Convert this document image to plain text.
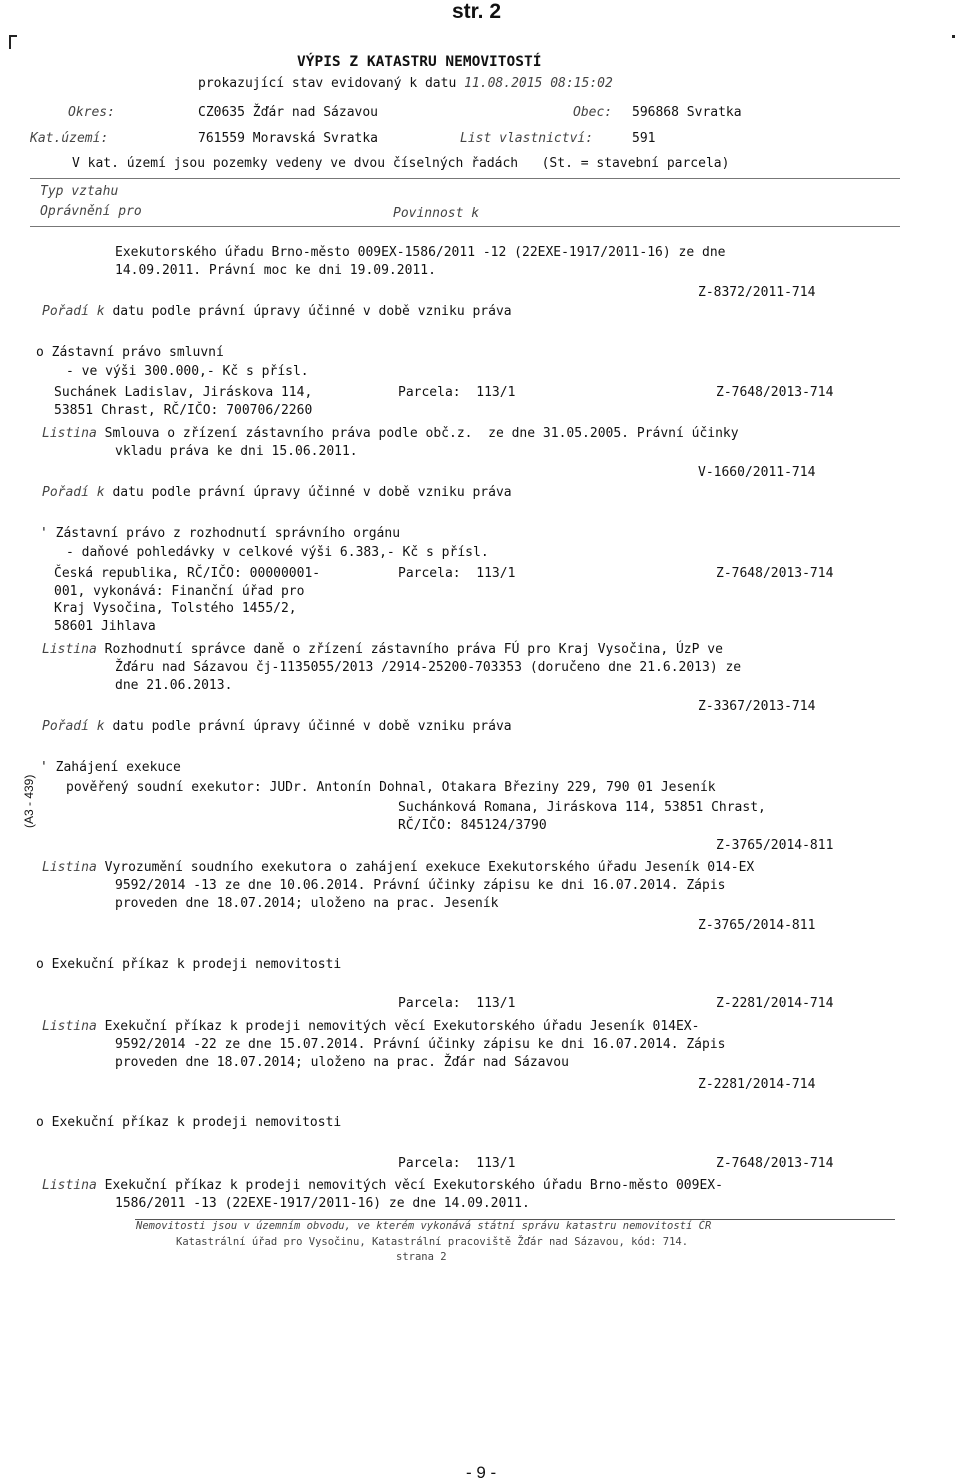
str. 2
(A3 - 439)
VÝPIS Z KATASTRU NEMOVITOSTÍ
prokazující stav evidovaný k datu 11.08.2015 08:15:02
Okres:	CZ0635 Žďár nad Sázavou	Obec: 596868 Svratka
Kat.území:	761559 Moravská Svratka	List vlastnictví:	591
V kat. území jsou pozemky vedeny ve dvou číselných řadách   (St. = stavební parcela)
Typ vztahu
Oprávnění pro	Povinnost k
Exekutorského úřadu Brno-město 009EX-1586/2011 -12 (22EXE-1917/2011-16) ze dne
14.09.2011. Právní moc ke dni 19.09.2011.
Z-8372/2011-714
Pořadí k datu podle právní úpravy účinné v době vzniku práva
o Zástavní právo smluvní
- ve výši 300.000,- Kč s přísl.
Suchánek Ladislav, Jiráskova 114,	Parcela:  113/1	Z-7648/2013-714
53851 Chrast, RČ/IČO: 700706/2260
Listina Smlouva o zřízení zástavního práva podle obč.z.  ze dne 31.05.2005. Právní účinky
vkladu práva ke dni 15.06.2011.
V-1660/2011-714
Pořadí k datu podle právní úpravy účinné v době vzniku práva
' Zástavní právo z rozhodnutí správního orgánu
- daňové pohledávky v celkové výši 6.383,- Kč s přísl.
Česká republika, RČ/IČO: 00000001-	Parcela:  113/1	Z-7648/2013-714
001, vykonává: Finanční úřad pro
Kraj Vysočina, Tolstého 1455/2,
58601 Jihlava
Listina Rozhodnutí správce daně o zřízení zástavního práva FÚ pro Kraj Vysočina, ÚzP ve
Žďáru nad Sázavou čj-1135055/2013 /2914-25200-703353 (doručeno dne 21.6.2013) ze
dne 21.06.2013.
Z-3367/2013-714
Pořadí k datu podle právní úpravy účinné v době vzniku práva
' Zahájení exekuce
pověřený soudní exekutor: JUDr. Antonín Dohnal, Otakara Březiny 229, 790 01 Jeseník
Suchánková Romana, Jiráskova 114, 53851 Chrast,
RČ/IČO: 845124/3790
Z-3765/2014-811
Listina Vyrozumění soudního exekutora o zahájení exekuce Exekutorského úřadu Jeseník 014-EX
9592/2014 -13 ze dne 10.06.2014. Právní účinky zápisu ke dni 16.07.2014. Zápis
proveden dne 18.07.2014; uloženo na prac. Jeseník
Z-3765/2014-811
o Exekuční příkaz k prodeji nemovitosti
Parcela:  113/1	Z-2281/2014-714
Listina Exekuční příkaz k prodeji nemovitých věcí Exekutorského úřadu Jeseník 014EX-
9592/2014 -22 ze dne 15.07.2014. Právní účinky zápisu ke dni 16.07.2014. Zápis
proveden dne 18.07.2014; uloženo na prac. Žďár nad Sázavou
Z-2281/2014-714
o Exekuční příkaz k prodeji nemovitosti
Parcela:  113/1	Z-7648/2013-714
Listina Exekuční příkaz k prodeji nemovitých věcí Exekutorského úřadu Brno-město 009EX-
1586/2011 -13 (22EXE-1917/2011-16) ze dne 14.09.2011.
Nemovitosti jsou v územním obvodu, ve kterém vykonává státní správu katastru nemovitostí ČR
Katastrální úřad pro Vysočinu, Katastrální pracoviště Žďár nad Sázavou, kód: 714.
strana 2
- 9 -
